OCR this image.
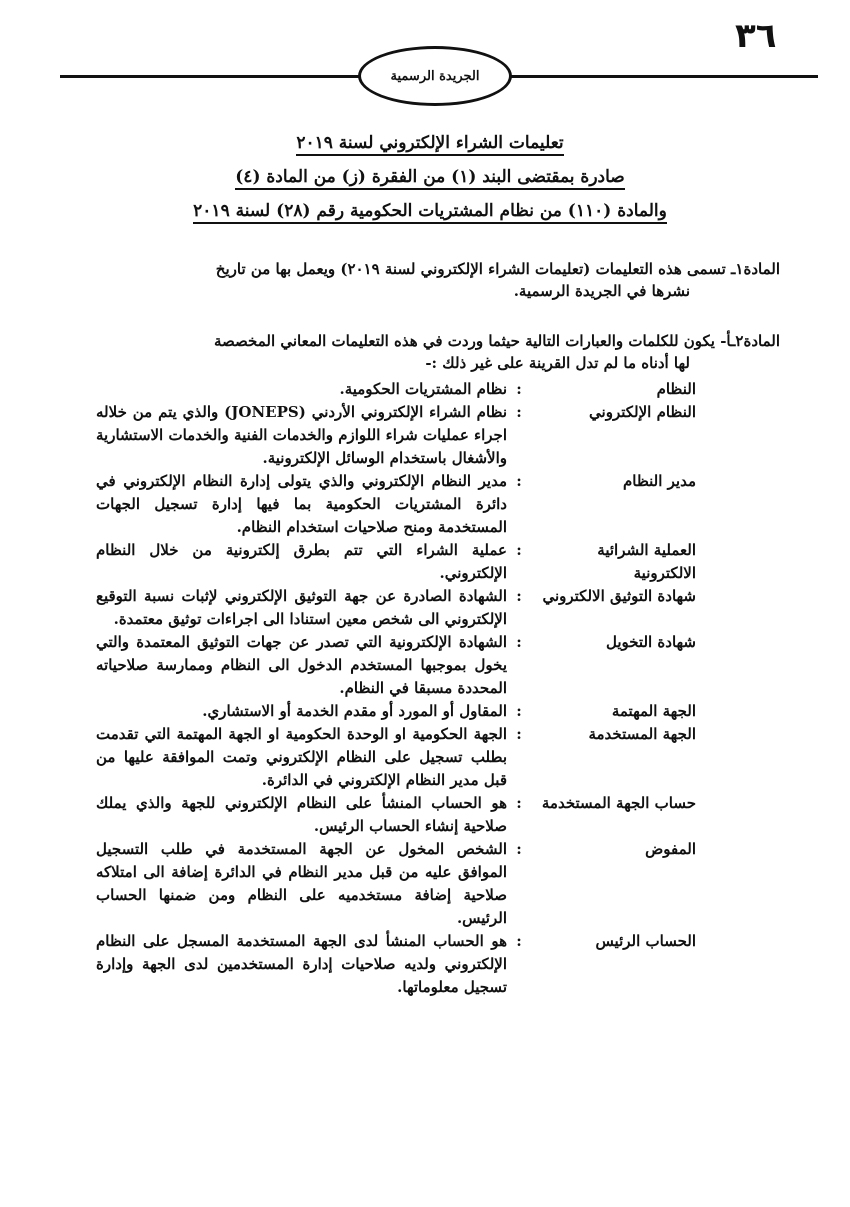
٣٦
الجريدة الرسمية
تعليمات الشراء الإلكتروني لسنة ٢٠١٩
صادرة بمقتضى البند (١) من الفقرة (ز) من المادة (٤)
والمادة (١١٠) من نظام المشتريات الحكومية رقم (٢٨) لسنة ٢٠١٩
المادة١ـ تسمى هذه التعليمات (تعليمات الشراء الإلكتروني لسنة ٢٠١٩) ويعمل بها من تاريخ
نشرها في الجريدة الرسمية.
المادة٢ـأ- يكون للكلمات والعبارات التالية حيثما وردت في هذه التعليمات المعاني المخصصة
لها أدناه ما لم تدل القرينة على غير ذلك :-
النظام
:
نظام المشتريات الحكومية.
النظام الإلكتروني
:
نظام الشراء الإلكتروني الأردني (JONEPS) والذي يتم من خلاله اجراء عمليات شراء اللوازم والخدمات الفنية والخدمات الاستشارية والأشغال باستخدام الوسائل الإلكترونية.
مدير النظام
:
مدير النظام الإلكتروني والذي يتولى إدارة النظام الإلكتروني في دائرة المشتريات الحكومية بما فيها إدارة تسجيل الجهات المستخدمة ومنح صلاحيات استخدام النظام.
العملية الشرائية الالكترونية
:
عملية الشراء التي تتم بطرق إلكترونية من خلال النظام الإلكتروني.
شهادة التوثيق الالكتروني
:
الشهادة الصادرة عن جهة التوثيق الإلكتروني لإثبات نسبة التوقيع الإلكتروني الى شخص معين استنادا الى اجراءات توثيق معتمدة.
شهادة التخويل
:
الشهادة الإلكترونية التي تصدر عن جهات التوثيق المعتمدة والتي يخول بموجبها المستخدم الدخول الى النظام وممارسة صلاحياته المحددة مسبقا في النظام.
الجهة المهتمة
:
المقاول أو المورد أو مقدم الخدمة أو الاستشاري.
الجهة المستخدمة
:
الجهة الحكومية او الوحدة الحكومية او الجهة المهتمة التي تقدمت بطلب تسجيل على النظام الإلكتروني وتمت الموافقة عليها من قبل مدير النظام الإلكتروني في الدائرة.
حساب الجهة المستخدمة
:
هو الحساب المنشأ على النظام الإلكتروني للجهة والذي يملك صلاحية إنشاء الحساب الرئيس.
المفوض
:
الشخص المخول عن الجهة المستخدمة في طلب التسجيل الموافق عليه من قبل مدير النظام في الدائرة إضافة الى امتلاكه صلاحية إضافة مستخدميه على النظام ومن ضمنها الحساب الرئيس.
الحساب الرئيس
:
هو الحساب المنشأ لدى الجهة المستخدمة المسجل على النظام الإلكتروني ولديه صلاحيات إدارة المستخدمين لدى الجهة وإدارة تسجيل معلوماتها.
